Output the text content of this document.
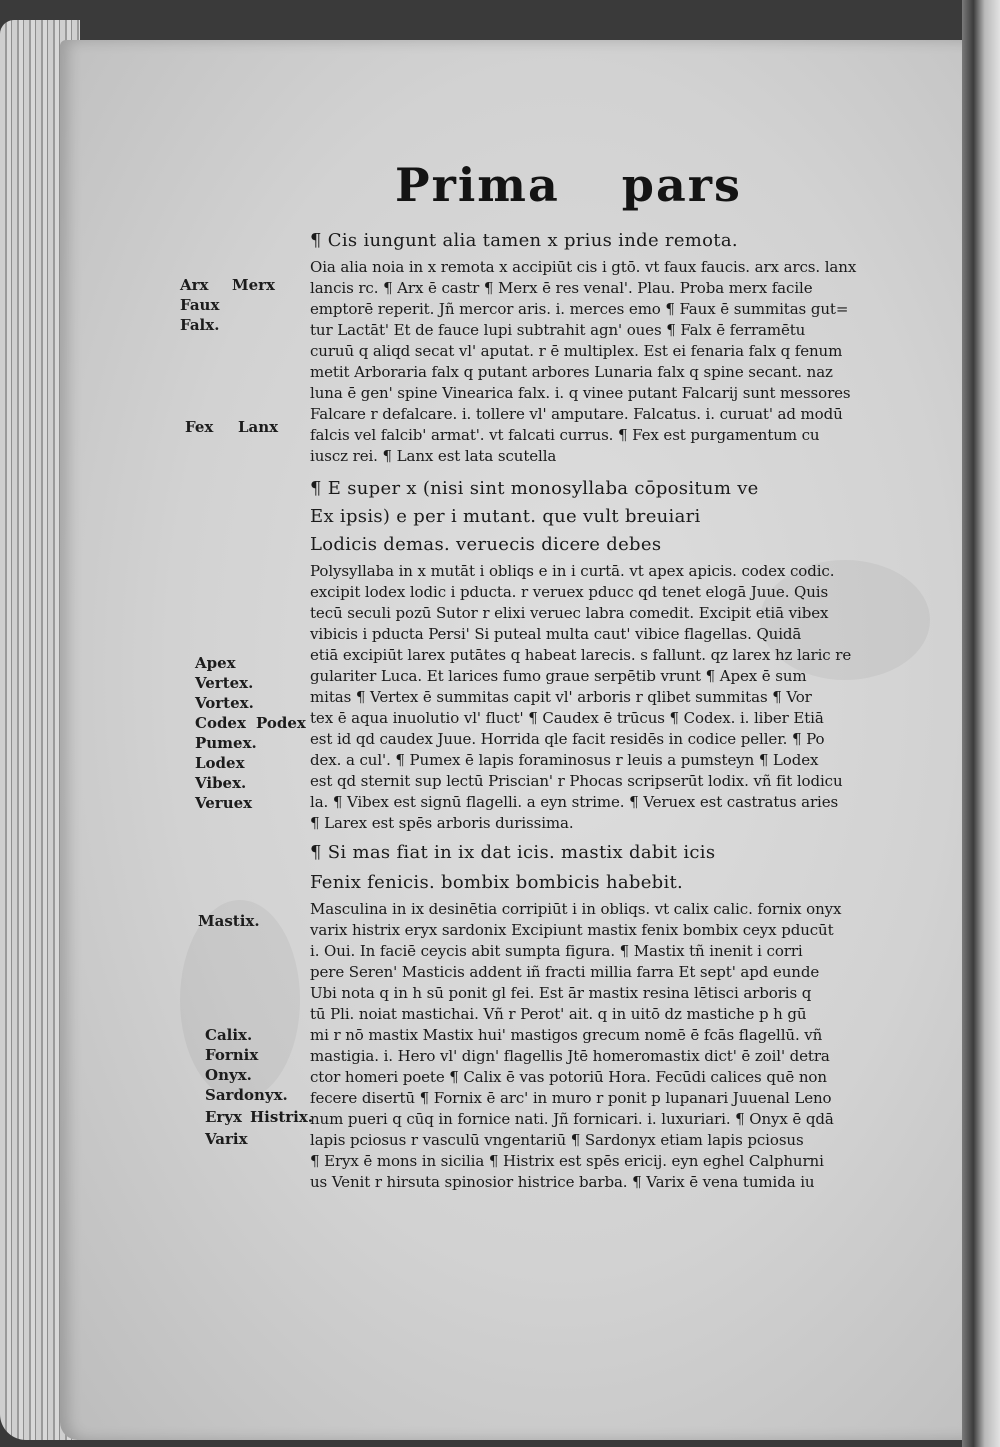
Prima pars
¶ Cis iungunt alia tamen x prius inde remota.
Oia alia noia in x remota x accipiūt cis i gtō. vt faux faucis. arx arcs. lanx
lancis rc. ¶ Arx ē castr ¶ Merx ē res venal'. Plau. Proba merx facile
emptorē reperit. Jñ mercor aris. i. merces emo ¶ Faux ē summitas gut=
tur Lactāt' Et de fauce lupi subtrahit agn' oues ¶ Falx ē ferramētu
curuū q aliqd secat vl' aputat. r ē multiplex. Est ei fenaria falx q fenum
metit Arboraria falx q putant arbores Lunaria falx q spine secant. naz
luna ē gen' spine Vinearica falx. i. q vinee putant Falcarij sunt messores
Falcare r defalcare. i. tollere vl' amputare. Falcatus. i. curuat' ad modū
falcis vel falcib' armat'. vt falcati currus. ¶ Fex est purgamentum cu
iuscz rei. ¶ Lanx est lata scutella
¶ E super x (nisi sint monosyllaba cōpositum ve
Ex ipsis) e per i mutant. que vult breuiari
Lodicis demas. veruecis dicere debes
Polysyllaba in x mutāt i obliqs e in i curtā. vt apex apicis. codex codic.
excipit lodex lodic i pducta. r veruex pducc qd tenet elogā Juue. Quis
tecū seculi pozū Sutor r elixi veruec labra comedit. Excipit etiā vibex
vibicis i pducta Persi' Si puteal multa caut' vibice flagellas. Quidā
etiā excipiūt larex putātes q habeat larecis. s fallunt. qz larex hz laric re
gulariter Luca. Et larices fumo graue serpētib vrunt ¶ Apex ē sum
mitas ¶ Vertex ē summitas capit vl' arboris r qlibet summitas ¶ Vor
tex ē aqua inuolutio vl' fluct' ¶ Caudex ē trūcus ¶ Codex. i. liber Etiā
est id qd caudex Juue. Horrida qle facit residēs in codice peller. ¶ Po
dex. a cul'. ¶ Pumex ē lapis foraminosus r leuis a pumsteyn ¶ Lodex
est qd sternit sup lectū Priscian' r Phocas scripserūt lodix. vñ fit lodicu
la. ¶ Vibex est signū flagelli. a eyn strime. ¶ Veruex est castratus aries
¶ Larex est spēs arboris durissima.
¶ Si mas fiat in ix dat icis. mastix dabit icis
Fenix fenicis. bombix bombicis habebit.
Masculina in ix desinētia corripiūt i in obliqs. vt calix calic. fornix onyx
varix histrix eryx sardonix Excipiunt mastix fenix bombix ceyx pducūt
i. Oui. In faciē ceycis abit sumpta figura. ¶ Mastix tñ inenit i corri
pere Seren' Masticis addent iñ fracti millia farra Et sept' apd eunde
Ubi nota q in h sū ponit gl fei. Est ār mastix resina lētisci arboris q
tū Pli. noiat mastichai. Vñ r Perot' ait. q in uitō dz mastiche p h gū
mi r nō mastix Mastix hui' mastigos grecum nomē ē fcās flagellū. vñ
mastigia. i. Hero vl' dign' flagellis Jtē homeromastix dict' ē zoil' detra
ctor homeri poete ¶ Calix ē vas potoriū Hora. Fecūdi calices quē non
fecere disertū ¶ Fornix ē arc' in muro r ponit p lupanari Juuenal Leno
num pueri q cūq in fornice nati. Jñ fornicari. i. luxuriari. ¶ Onyx ē qdā
lapis pciosus r vasculū vngentariū ¶ Sardonyx etiam lapis pciosus
¶ Eryx ē mons in sicilia ¶ Histrix est spēs ericij. eyn eghel Calphurni
us Venit r hirsuta spinosior histrice barba. ¶ Varix ē vena tumida iu
Arx Merx
Faux
Falx.
Fex Lanx
Apex
Vertex.
Vortex.
Codex Podex
Pumex.
Lodex
Vibex.
Veruex
Mastix.
Calix.
Fornix
Onyx.
Sardonyx.
Eryx Histrix.
Varix
